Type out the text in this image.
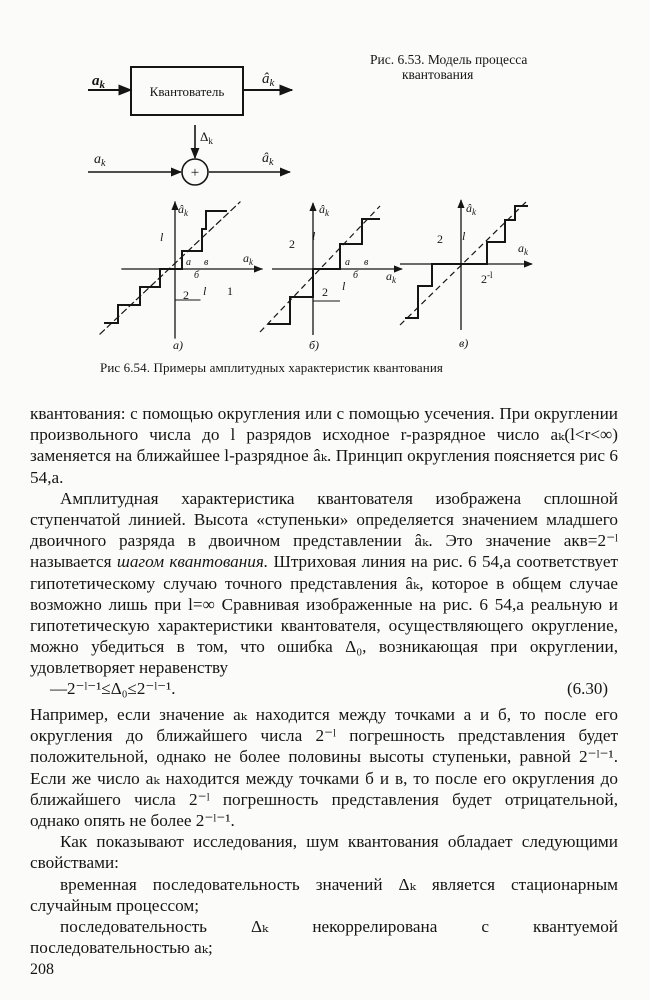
Квантователь
$a_k$	$â_k$
+
$a_k$
$\Delta_k$
$â_k$
$â_k$
$a_k$
l
a
б
в
2 l 1
а)
$â_k$
$a_k$
2
l
a
б
в
2 l
б)
$â_k$
$a_k$
2 l
$2^{-l}$
в)
Рис. 6.53. Модель процесса
квантования
Рис 6.54. Примеры амплитудных характеристик квантования

квантования: с помощью округления или с помощью усечения. При округлении произвольного числа до l разрядов исходное r-разрядное число aₖ(l<r<∞) заменяется на ближайшее l-разрядное âₖ. Принцип округления поясняется рис 6 54,a.

Амплитудная характеристика квантователя изображена сплошной ступенчатой линией. Высота «ступеньки» определяется значением младшего двоичного разряда в двоичном представлении âₖ. Это значение aкв=2⁻ˡ называется шагом квантования. Штриховая линия на рис. 6 54,a соответствует гипотетическому случаю точного представления âₖ, которое в общем случае возможно лишь при l=∞ Сравнивая изображенные на рис. 6 54,a реальную и гипотетическую характеристики квантователя, осуществляющего округление, можно убедиться в том, что ошибка Δ₀, возникающая при округлении, удовлетворяет неравенству

—2⁻ˡ⁻¹≤Δ₀≤2⁻ˡ⁻¹.	(6.30)

Например, если значение aₖ находится между точками a и б, то после его округления до ближайшего числа 2⁻ˡ погрешность представления будет положительной, однако не более половины высоты ступеньки, равной 2⁻ˡ⁻¹. Если же число aₖ находится между точками б и в, то после его округления до ближайшего числа 2⁻ˡ погрешность представления будет отрицательной, однако опять не более 2⁻ˡ⁻¹.

Как показывают исследования, шум квантования обладает следующими свойствами:

временная последовательность значений Δₖ является стационарным случайным процессом;

последовательность Δₖ некоррелирована с квантуемой последовательностью aₖ;

208
